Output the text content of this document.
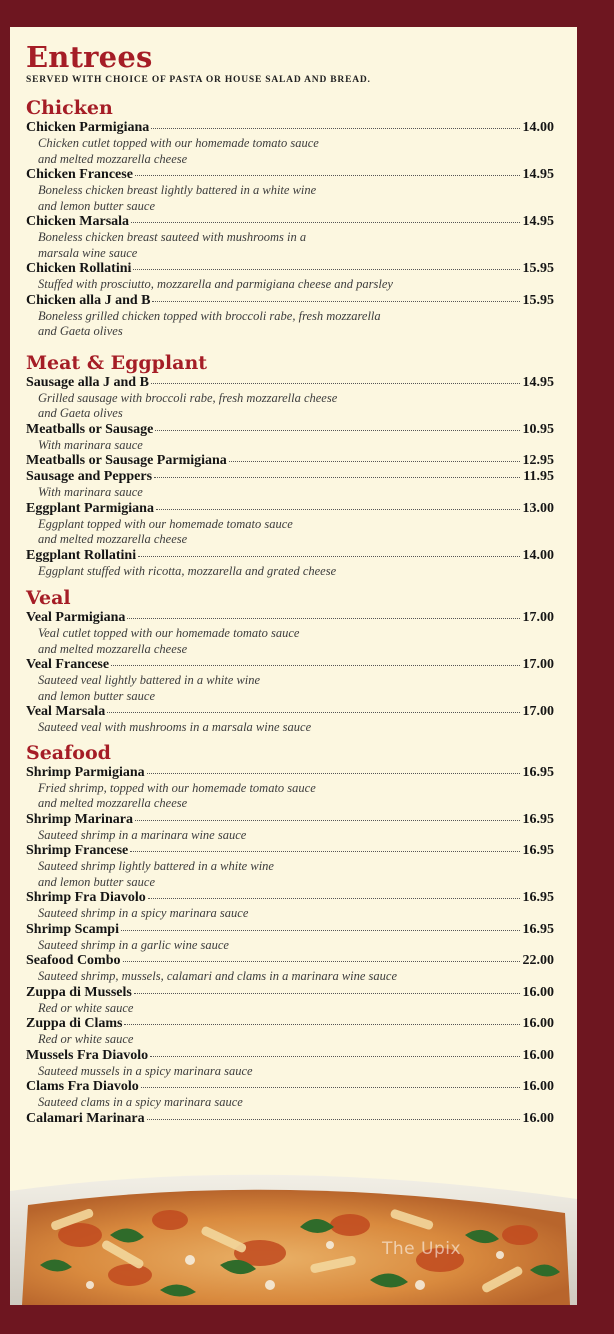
Entrees
SERVED WITH CHOICE OF PASTA OR HOUSE SALAD AND BREAD.
Chicken
Chicken Parmigiana	14.00
Chicken cutlet topped with our homemade tomato sauce
and melted mozzarella cheese
Chicken Francese	14.95
Boneless chicken breast lightly battered in a white wine
and lemon butter sauce
Chicken Marsala	14.95
Boneless chicken breast sauteed with mushrooms in a
marsala wine sauce
Chicken Rollatini	15.95
Stuffed with prosciutto, mozzarella and parmigiana cheese and parsley
Chicken alla J and B	15.95
Boneless grilled chicken topped with broccoli rabe, fresh mozzarella
and Gaeta olives
Meat & Eggplant
Sausage alla J and B	14.95
Grilled sausage with broccoli rabe, fresh mozzarella cheese
and Gaeta olives
Meatballs or Sausage	10.95
With marinara sauce
Meatballs or Sausage Parmigiana	12.95
Sausage and Peppers	11.95
With marinara sauce
Eggplant Parmigiana	13.00
Eggplant topped with our homemade tomato sauce
and melted mozzarella cheese
Eggplant Rollatini	14.00
Eggplant stuffed with ricotta, mozzarella and grated cheese
Veal
Veal Parmigiana	17.00
Veal cutlet topped with our homemade tomato sauce
and melted mozzarella cheese
Veal Francese	17.00
Sauteed veal lightly battered in a white wine
and lemon butter sauce
Veal Marsala	17.00
Sauteed veal with mushrooms in a marsala wine sauce
Seafood
Shrimp Parmigiana	16.95
Fried shrimp, topped with our homemade tomato sauce
and melted mozzarella cheese
Shrimp Marinara	16.95
Sauteed shrimp in a marinara wine sauce
Shrimp Francese	16.95
Sauteed shrimp lightly battered in a white wine
and lemon butter sauce
Shrimp Fra Diavolo	16.95
Sauteed shrimp in a spicy marinara sauce
Shrimp Scampi	16.95
Sauteed shrimp in a garlic wine sauce
Seafood Combo	22.00
Sauteed shrimp, mussels, calamari and clams in a marinara wine sauce
Zuppa di Mussels	16.00
Red or white sauce
Zuppa di Clams	16.00
Red or white sauce
Mussels Fra Diavolo	16.00
Sauteed mussels in a spicy marinara sauce
Clams Fra Diavolo	16.00
Sauteed clams in a spicy marinara sauce
Calamari Marinara	16.00
The Upix
